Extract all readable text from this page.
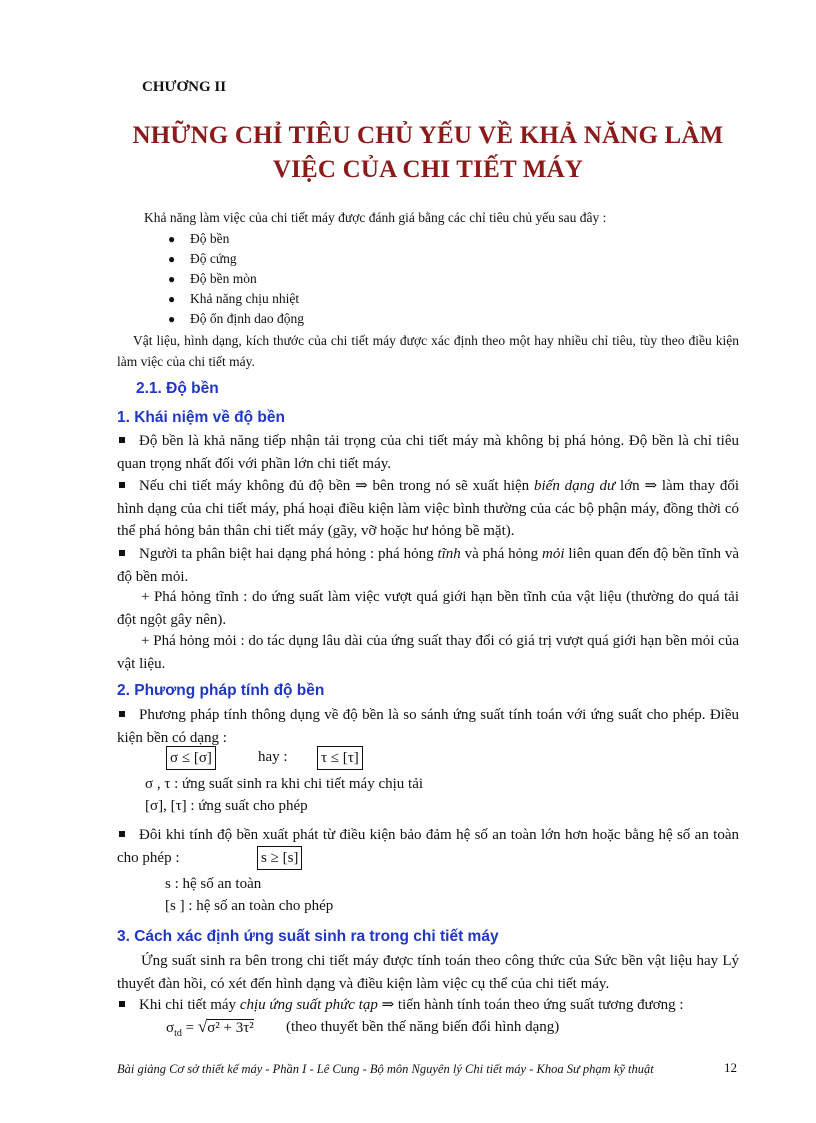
CHƯƠNG II
NHỮNG CHỈ TIÊU CHỦ YẾU VỀ KHẢ NĂNG LÀM
VIỆC CỦA CHI TIẾT MÁY
Khả năng làm việc của chi tiết máy được đánh giá bằng các chỉ tiêu chủ yếu sau đây :
● Độ bền
● Độ cứng
● Độ bền mòn
● Khả năng chịu nhiệt
● Độ ổn định dao động
Vật liệu, hình dạng, kích thước của chi tiết máy được xác định theo một hay nhiều chỉ tiêu, tùy theo điều kiện làm việc của chi tiết máy.
2.1. Độ bền
1. Khái niệm về độ bền
Độ bền là khả năng tiếp nhận tải trọng của chi tiết máy mà không bị phá hỏng. Độ bền là chỉ tiêu quan trọng nhất đối với phần lớn chi tiết máy.
Nếu chi tiết máy không đủ độ bền ⇒ bên trong nó sẽ xuất hiện biến dạng dư lớn ⇒ làm thay đổi hình dạng của chi tiết máy, phá hoại điều kiện làm việc bình thường của các bộ phận máy, đồng thời có thể phá hỏng bản thân chi tiết máy (gãy, vỡ hoặc hư hỏng bề mặt).
Người ta phân biệt hai dạng phá hỏng : phá hỏng tĩnh và phá hỏng mỏi liên quan đến độ bền tĩnh và độ bền mỏi.
+ Phá hỏng tĩnh : do ứng suất làm việc vượt quá giới hạn bền tĩnh của vật liệu (thường do quá tải đột ngột gây nên).
+ Phá hỏng mỏi : do tác dụng lâu dài của ứng suất thay đổi có giá trị vượt quá giới hạn bền mỏi của vật liệu.
2. Phương pháp tính độ bền
Phương pháp tính thông dụng về độ bền là so sánh ứng suất tính toán với ứng suất cho phép. Điều kiện bền có dạng :
σ ≤ [σ]	hay : τ ≤ [τ]
σ , τ : ứng suất sinh ra khi chi tiết máy chịu tải
[σ], [τ] : ứng suất cho phép
Đôi khi tính độ bền xuất phát từ điều kiện bảo đảm hệ số an toàn lớn hơn hoặc bằng hệ số an toàn cho phép :	s ≥ [s]
s : hệ số an toàn
[s ] : hệ số an toàn cho phép
3. Cách xác định ứng suất sinh ra trong chi tiết máy
Ứng suất sinh ra bên trong chi tiết máy được tính toán theo công thức của Sức bền vật liệu hay Lý thuyết đàn hồi, có xét đến hình dạng và điều kiện làm việc cụ thể của chi tiết máy.
Khi chi tiết máy chịu ứng suất phức tạp ⇒ tiến hành tính toán theo ứng suất tương đương :
$\sigma_{td} = √\sigma^2 + 3\tau^2$ (theo thuyết bền thế năng biến đổi hình dạng)
Bài giảng Cơ sở thiết kế máy - Phần I - Lê Cung - Bộ môn Nguyên lý Chi tiết máy - Khoa Sư phạm kỹ thuật	12
